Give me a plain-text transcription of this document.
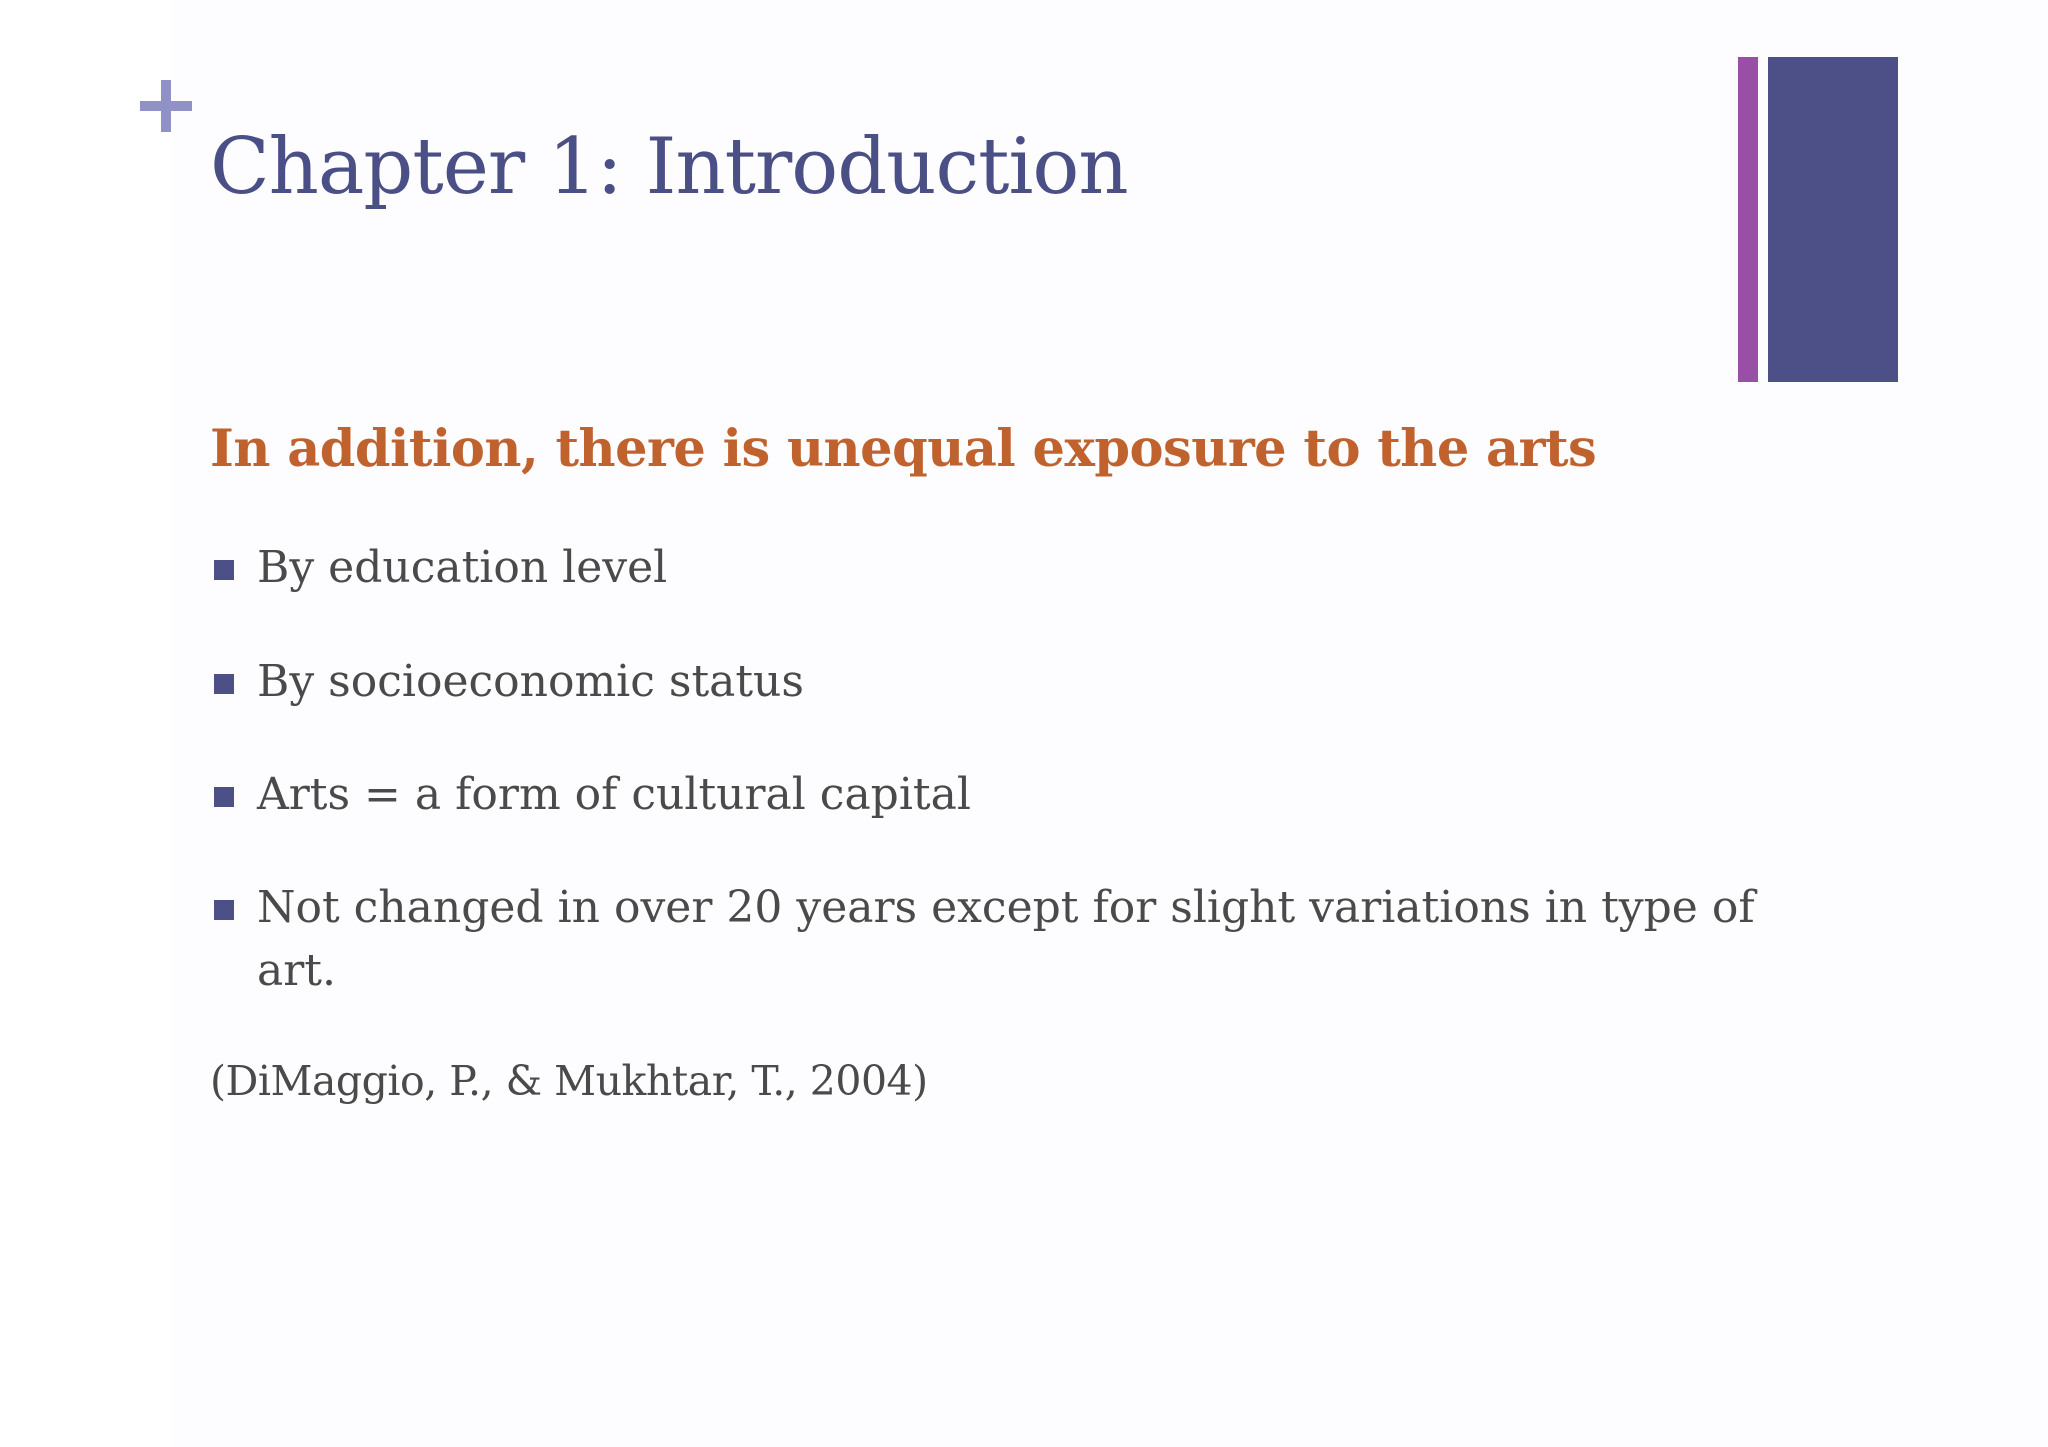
Chapter 1: Introduction
In addition, there is unequal exposure to the arts
By education level
By socioeconomic status
Arts = a form of cultural capital
Not changed in over 20 years except for slight variations in type of art.

(DiMaggio, P., & Mukhtar, T., 2004)
